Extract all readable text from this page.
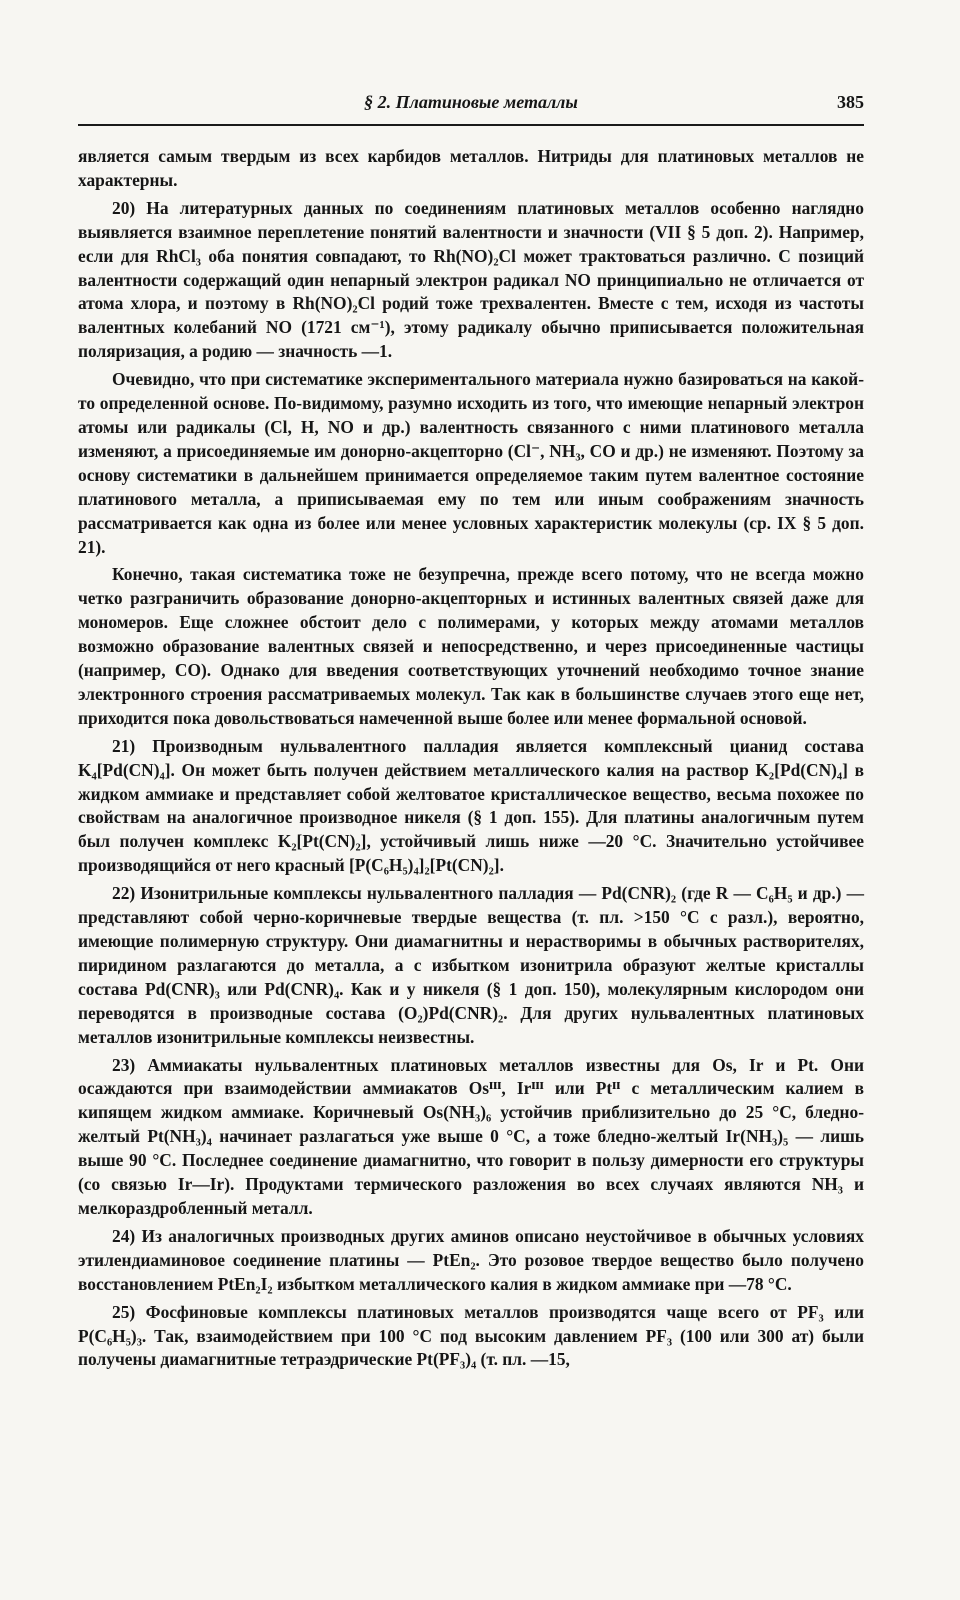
§ 2. Платиновые металлы	385

является самым твердым из всех карбидов металлов. Нитриды для платиновых металлов не характерны.

20) На литературных данных по соединениям платиновых металлов особенно наглядно выявляется взаимное переплетение понятий валентности и значности (VII § 5 доп. 2). Например, если для RhCl₃ оба понятия совпадают, то Rh(NO)₂Cl может трактоваться различно. С позиций валентности содержащий один непарный электрон радикал NO принципиально не отличается от атома хлора, и поэтому в Rh(NO)₂Cl родий тоже трехвалентен. Вместе с тем, исходя из частоты валентных колебаний NO (1721 см⁻¹), этому радикалу обычно приписывается положительная поляризация, а родию — значность —1.

Очевидно, что при систематике экспериментального материала нужно базироваться на какой-то определенной основе. По-видимому, разумно исходить из того, что имеющие непарный электрон атомы или радикалы (Cl, H, NO и др.) валентность связанного с ними платинового металла изменяют, а присоединяемые им донорно-акцепторно (Cl⁻, NH₃, CO и др.) не изменяют. Поэтому за основу систематики в дальнейшем принимается определяемое таким путем валентное состояние платинового металла, а приписываемая ему по тем или иным соображениям значность рассматривается как одна из более или менее условных характеристик молекулы (ср. IX § 5 доп. 21).

Конечно, такая систематика тоже не безупречна, прежде всего потому, что не всегда можно четко разграничить образование донорно-акцепторных и истинных валентных связей даже для мономеров. Еще сложнее обстоит дело с полимерами, у которых между атомами металлов возможно образование валентных связей и непосредственно, и через присоединенные частицы (например, CO). Однако для введения соответствующих уточнений необходимо точное знание электронного строения рассматриваемых молекул. Так как в большинстве случаев этого еще нет, приходится пока довольствоваться намеченной выше более или менее формальной основой.

21) Производным нульвалентного палладия является комплексный цианид состава K₄[Pd(CN)₄]. Он может быть получен действием металлического калия на раствор K₂[Pd(CN)₄] в жидком аммиаке и представляет собой желтоватое кристаллическое вещество, весьма похожее по свойствам на аналогичное производное никеля (§ 1 доп. 155). Для платины аналогичным путем был получен комплекс K₂[Pt(CN)₂], устойчивый лишь ниже —20 °С. Значительно устойчивее производящийся от него красный [P(C₆H₅)₄]₂[Pt(CN)₂].

22) Изонитрильные комплексы нульвалентного палладия — Pd(CNR)₂ (где R — C₆H₅ и др.) — представляют собой черно-коричневые твердые вещества (т. пл. >150 °С с разл.), вероятно, имеющие полимерную структуру. Они диамагнитны и нерастворимы в обычных растворителях, пиридином разлагаются до металла, а с избытком изонитрила образуют желтые кристаллы состава Pd(CNR)₃ или Pd(CNR)₄. Как и у никеля (§ 1 доп. 150), молекулярным кислородом они переводятся в производные состава (O₂)Pd(CNR)₂. Для других нульвалентных платиновых металлов изонитрильные комплексы неизвестны.

23) Аммиакаты нульвалентных платиновых металлов известны для Os, Ir и Pt. Они осаждаются при взаимодействии аммиакатов Osᴵᴵᴵ, Irᴵᴵᴵ или Ptᴵᴵ с металлическим калием в кипящем жидком аммиаке. Коричневый Os(NH₃)₆ устойчив приблизительно до 25 °С, бледно-желтый Pt(NH₃)₄ начинает разлагаться уже выше 0 °С, а тоже бледно-желтый Ir(NH₃)₅ — лишь выше 90 °С. Последнее соединение диамагнитно, что говорит в пользу димерности его структуры (со связью Ir—Ir). Продуктами термического разложения во всех случаях являются NH₃ и мелкораздробленный металл.

24) Из аналогичных производных других аминов описано неустойчивое в обычных условиях этилендиаминовое соединение платины — PtEn₂. Это розовое твердое вещество было получено восстановлением PtEn₂I₂ избытком металлического калия в жидком аммиаке при —78 °С.

25) Фосфиновые комплексы платиновых металлов производятся чаще всего от PF₃ или P(C₆H₅)₃. Так, взаимодействием при 100 °С под высоким давлением PF₃ (100 или 300 ат) были получены диамагнитные тетраэдрические Pt(PF₃)₄ (т. пл. —15,
